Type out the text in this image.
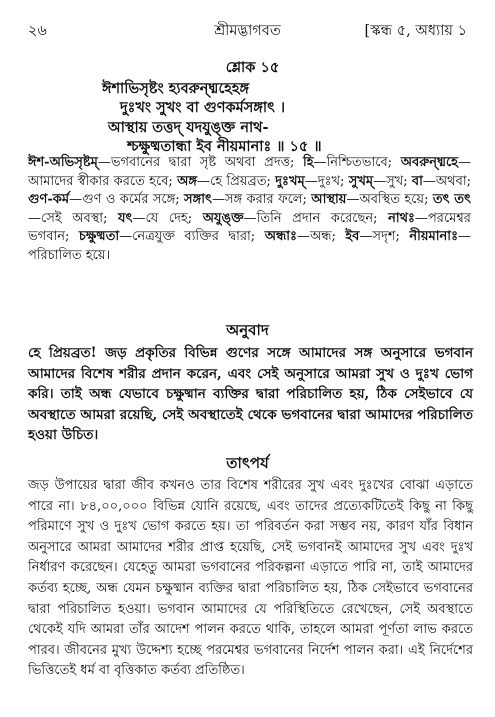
২৬	শ্রীমদ্ভাগবত	[স্কন্ধ ৫, অধ্যায় ১
শ্লোক ১৫
ঈশাভিসৃষ্টং হ্যবরুন্ধ্মহেহঙ্গ
দুঃখং সুখং বা গুণকর্মসঙ্গাৎ ।
আস্থায় তত্তদ্ যদযুঙ্ক্ত নাথ-
শ্চক্ষুষ্মতান্ধা ইব নীয়মানাঃ ॥ ১৫ ॥
ঈশ-অভিসৃষ্টম্—ভগবানের দ্বারা সৃষ্ট অথবা প্রদত্ত; হি—নিশ্চিতভাবে; অবরুন্ধ্মহে—আমাদের স্বীকার করতে হবে; অঙ্গ—হে প্রিয়ব্রত; দুঃখম্—দুঃখ; সুখম্—সুখ; বা—অথবা; গুণ-কর্ম—গুণ ও কর্মের সঙ্গে; সঙ্গাৎ—সঙ্গ করার ফলে; আস্থায়—অবস্থিত হয়ে; তৎ তৎ—সেই অবস্থা; যৎ—যে দেহ; অযুঙ্ক্ত—তিনি প্রদান করেছেন; নাথঃ—পরমেশ্বর ভগবান; চক্ষুষ্মতা—নেত্রযুক্ত ব্যক্তির দ্বারা; অন্ধাঃ—অন্ধ; ইব—সদৃশ; নীয়মানাঃ—পরিচালিত হয়ে।
অনুবাদ
হে প্রিয়ব্রত! জড় প্রকৃতির বিভিন্ন গুণের সঙ্গে আমাদের সঙ্গ অনুসারে ভগবান আমাদের বিশেষ শরীর প্রদান করেন, এবং সেই অনুসারে আমরা সুখ ও দুঃখ ভোগ করি। তাই অন্ধ যেভাবে চক্ষুষ্মান ব্যক্তির দ্বারা পরিচালিত হয়, ঠিক সেইভাবে যে অবস্থাতে আমরা রয়েছি, সেই অবস্থাতেই থেকে ভগবানের দ্বারা আমাদের পরিচালিত হওয়া উচিত।
তাৎপর্য
জড় উপায়ের দ্বারা জীব কখনও তার বিশেষ শরীরের সুখ এবং দুঃখের বোঝা এড়াতে পারে না। ৮৪,০০,০০০ বিভিন্ন যোনি রয়েছে, এবং তাদের প্রত্যেকটিতেই কিছু না কিছু পরিমাণে সুখ ও দুঃখ ভোগ করতে হয়। তা পরিবর্তন করা সম্ভব নয়, কারণ যাঁর বিধান অনুসারে আমরা আমাদের শরীর প্রাপ্ত হয়েছি, সেই ভগবানই আমাদের সুখ এবং দুঃখ নির্ধারণ করেছেন। যেহেতু আমরা ভগবানের পরিকল্পনা এড়াতে পারি না, তাই আমাদের কর্তব্য হচ্ছে, অন্ধ যেমন চক্ষুষ্মান ব্যক্তির দ্বারা পরিচালিত হয়, ঠিক সেইভাবে ভগবানের দ্বারা পরিচালিত হওয়া। ভগবান আমাদের যে পরিস্থিতিতে রেখেছেন, সেই অবস্থাতে থেকেই যদি আমরা তাঁর আদেশ পালন করতে থাকি, তাহলে আমরা পূর্ণতা লাভ করতে পারব। জীবনের মুখ্য উদ্দেশ্য হচ্ছে পরমেশ্বর ভগবানের নির্দেশ পালন করা। এই নির্দেশের ভিত্তিতেই ধর্ম বা বৃত্তিকাত কর্তব্য প্রতিষ্ঠিত।
